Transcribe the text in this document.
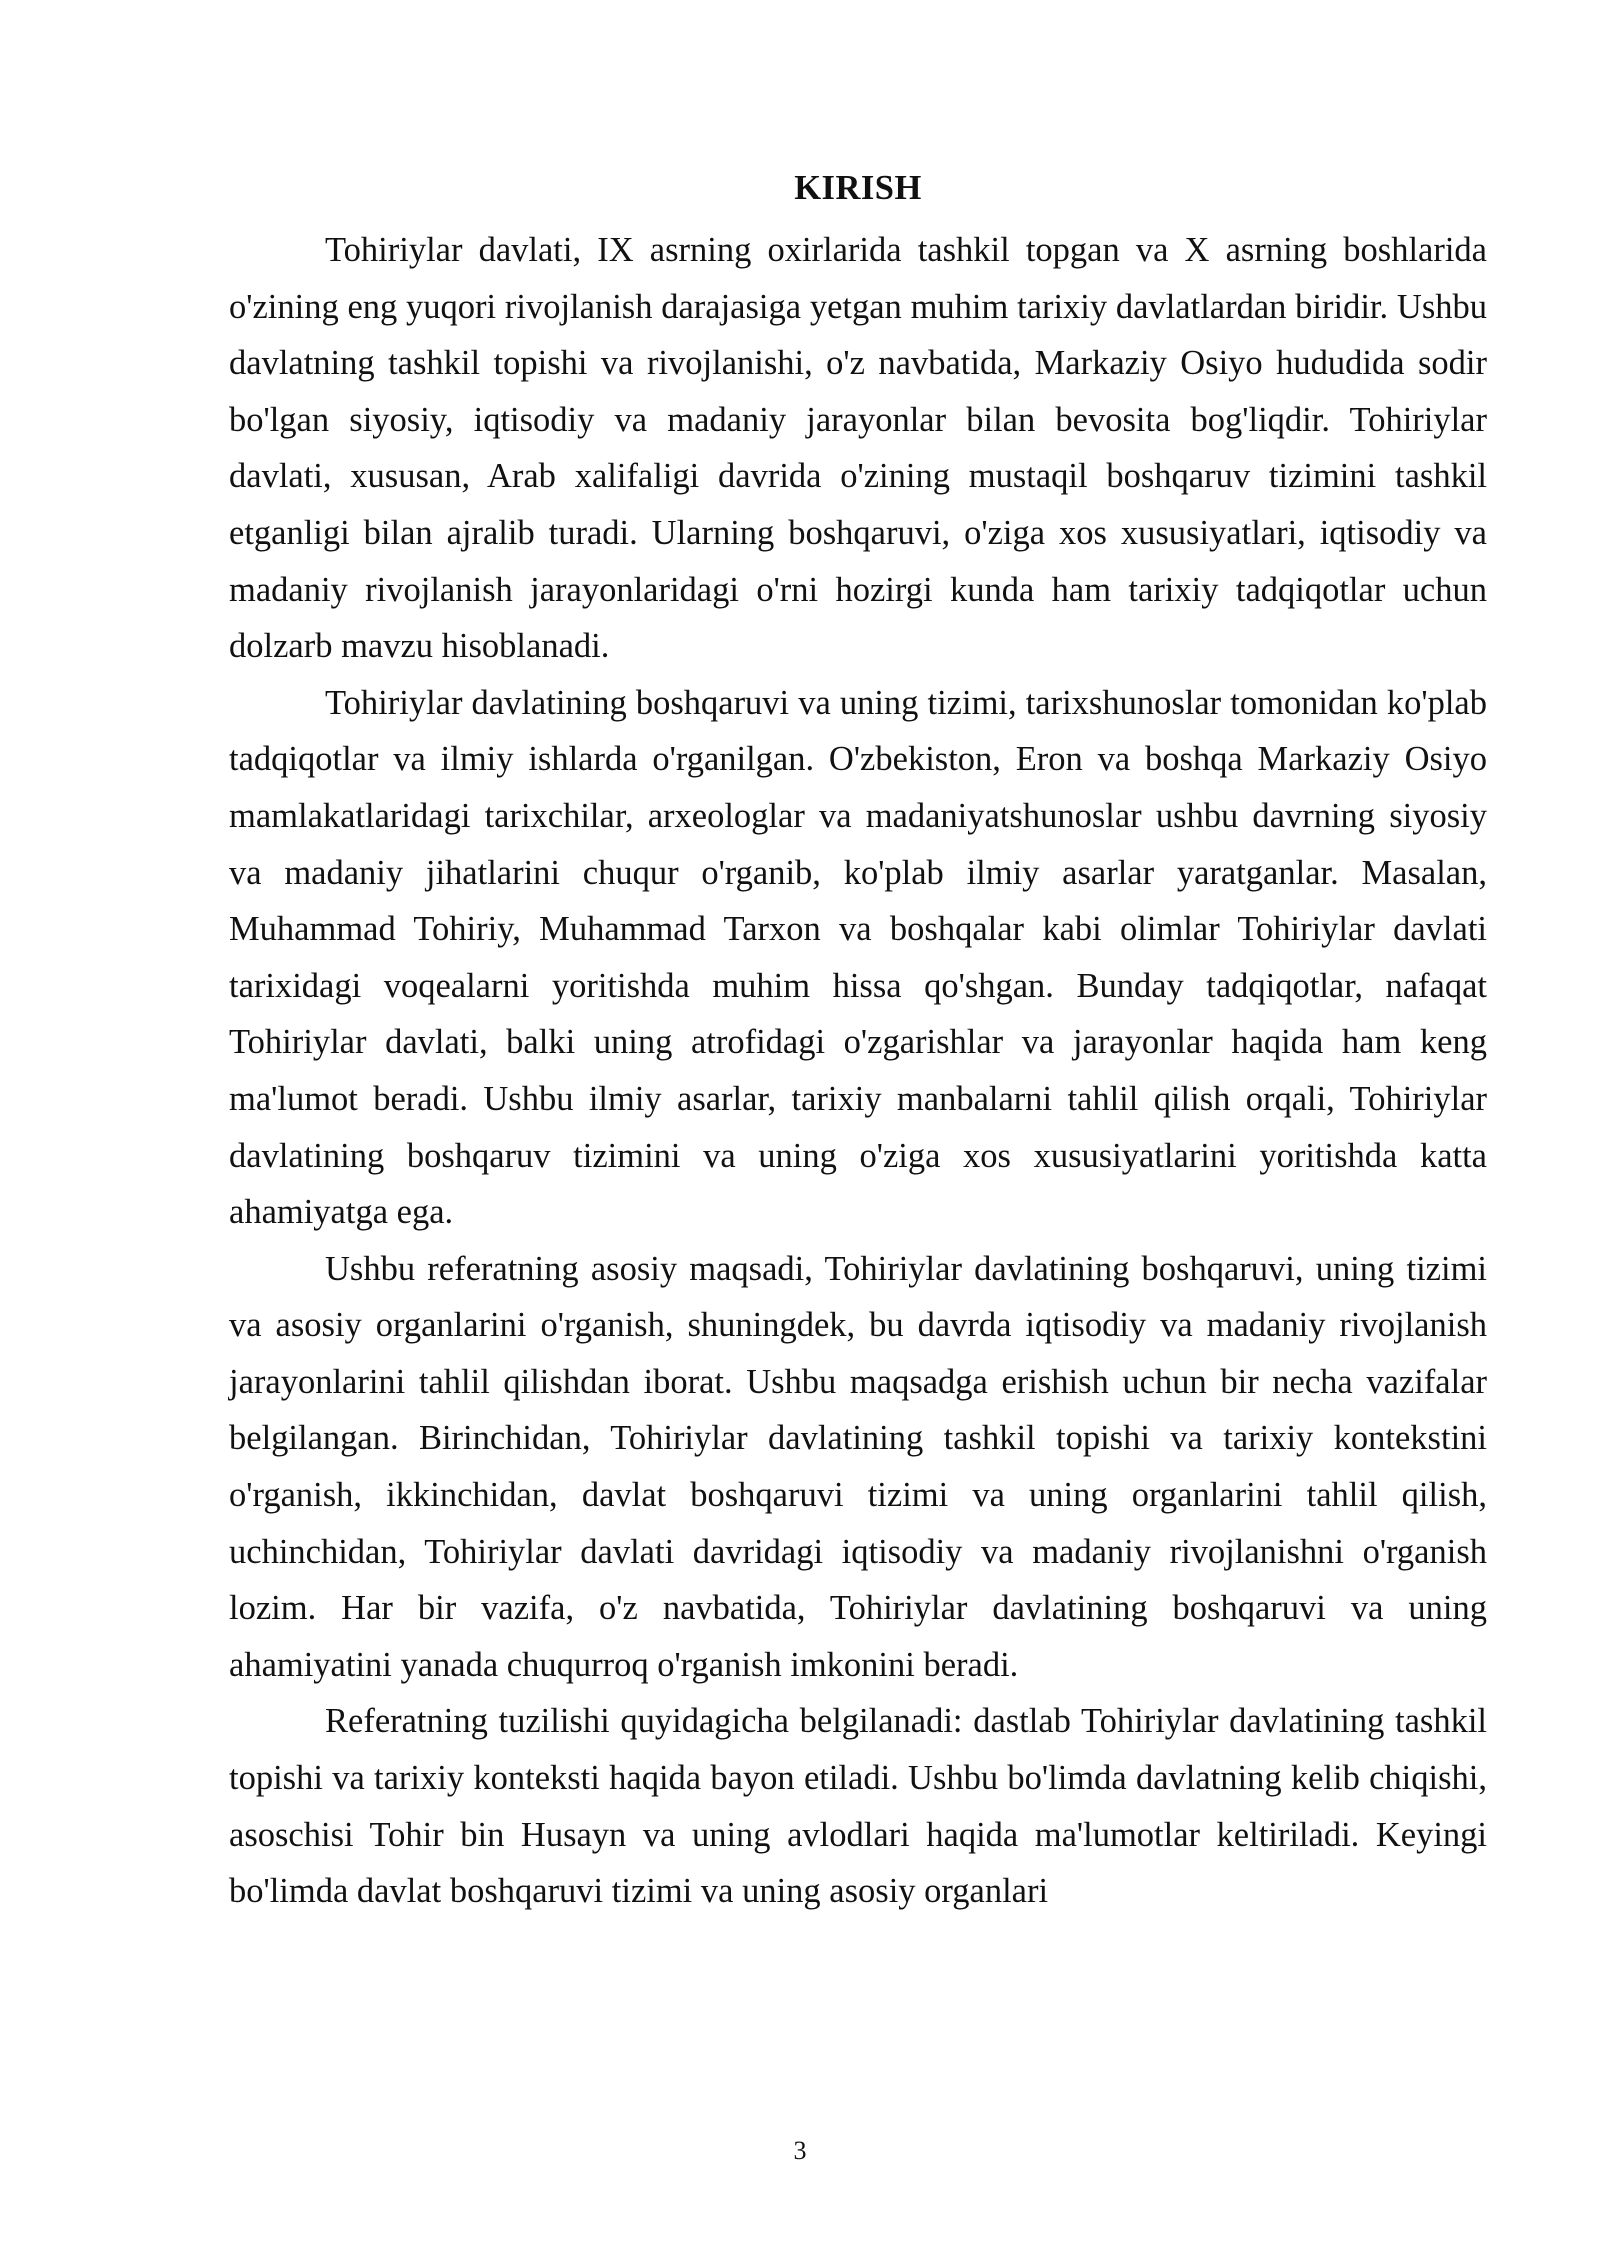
KIRISH

Tohiriylar davlati, IX asrning oxirlarida tashkil topgan va X asrning boshlarida o'zining eng yuqori rivojlanish darajasiga yetgan muhim tarixiy davlatlardan biridir. Ushbu davlatning tashkil topishi va rivojlanishi, o'z navbatida, Markaziy Osiyo hududida sodir bo'lgan siyosiy, iqtisodiy va madaniy jarayonlar bilan bevosita bog'liqdir. Tohiriylar davlati, xususan, Arab xalifaligi davrida o'zining mustaqil boshqaruv tizimini tashkil etganligi bilan ajralib turadi. Ularning boshqaruvi, o'ziga xos xususiyatlari, iqtisodiy va madaniy rivojlanish jarayonlaridagi o'rni hozirgi kunda ham tarixiy tadqiqotlar uchun dolzarb mavzu hisoblanadi.

Tohiriylar davlatining boshqaruvi va uning tizimi, tarixshunoslar tomonidan ko'plab tadqiqotlar va ilmiy ishlarda o'rganilgan. O'zbekiston, Eron va boshqa Markaziy Osiyo mamlakatlaridagi tarixchilar, arxeologlar va madaniyatshunoslar ushbu davrning siyosiy va madaniy jihatlarini chuqur o'rganib, ko'plab ilmiy asarlar yaratganlar. Masalan, Muhammad Tohiriy, Muhammad Tarxon va boshqalar kabi olimlar Tohiriylar davlati tarixidagi voqealarni yoritishda muhim hissa qo'shgan. Bunday tadqiqotlar, nafaqat Tohiriylar davlati, balki uning atrofidagi o'zgarishlar va jarayonlar haqida ham keng ma'lumot beradi. Ushbu ilmiy asarlar, tarixiy manbalarni tahlil qilish orqali, Tohiriylar davlatining boshqaruv tizimini va uning o'ziga xos xususiyatlarini yoritishda katta ahamiyatga ega.

Ushbu referatning asosiy maqsadi, Tohiriylar davlatining boshqaruvi, uning tizimi va asosiy organlarini o'rganish, shuningdek, bu davrda iqtisodiy va madaniy rivojlanish jarayonlarini tahlil qilishdan iborat. Ushbu maqsadga erishish uchun bir necha vazifalar belgilangan. Birinchidan, Tohiriylar davlatining tashkil topishi va tarixiy kontekstini o'rganish, ikkinchidan, davlat boshqaruvi tizimi va uning organlarini tahlil qilish, uchinchidan, Tohiriylar davlati davridagi iqtisodiy va madaniy rivojlanishni o'rganish lozim. Har bir vazifa, o'z navbatida, Tohiriylar davlatining boshqaruvi va uning ahamiyatini yanada chuqurroq o'rganish imkonini beradi.

Referatning tuzilishi quyidagicha belgilanadi: dastlab Tohiriylar davlatining tashkil topishi va tarixiy konteksti haqida bayon etiladi. Ushbu bo'limda davlatning kelib chiqishi, asoschisi Tohir bin Husayn va uning avlodlari haqida ma'lumotlar keltiriladi. Keyingi bo'limda davlat boshqaruvi tizimi va uning asosiy organlari

3
